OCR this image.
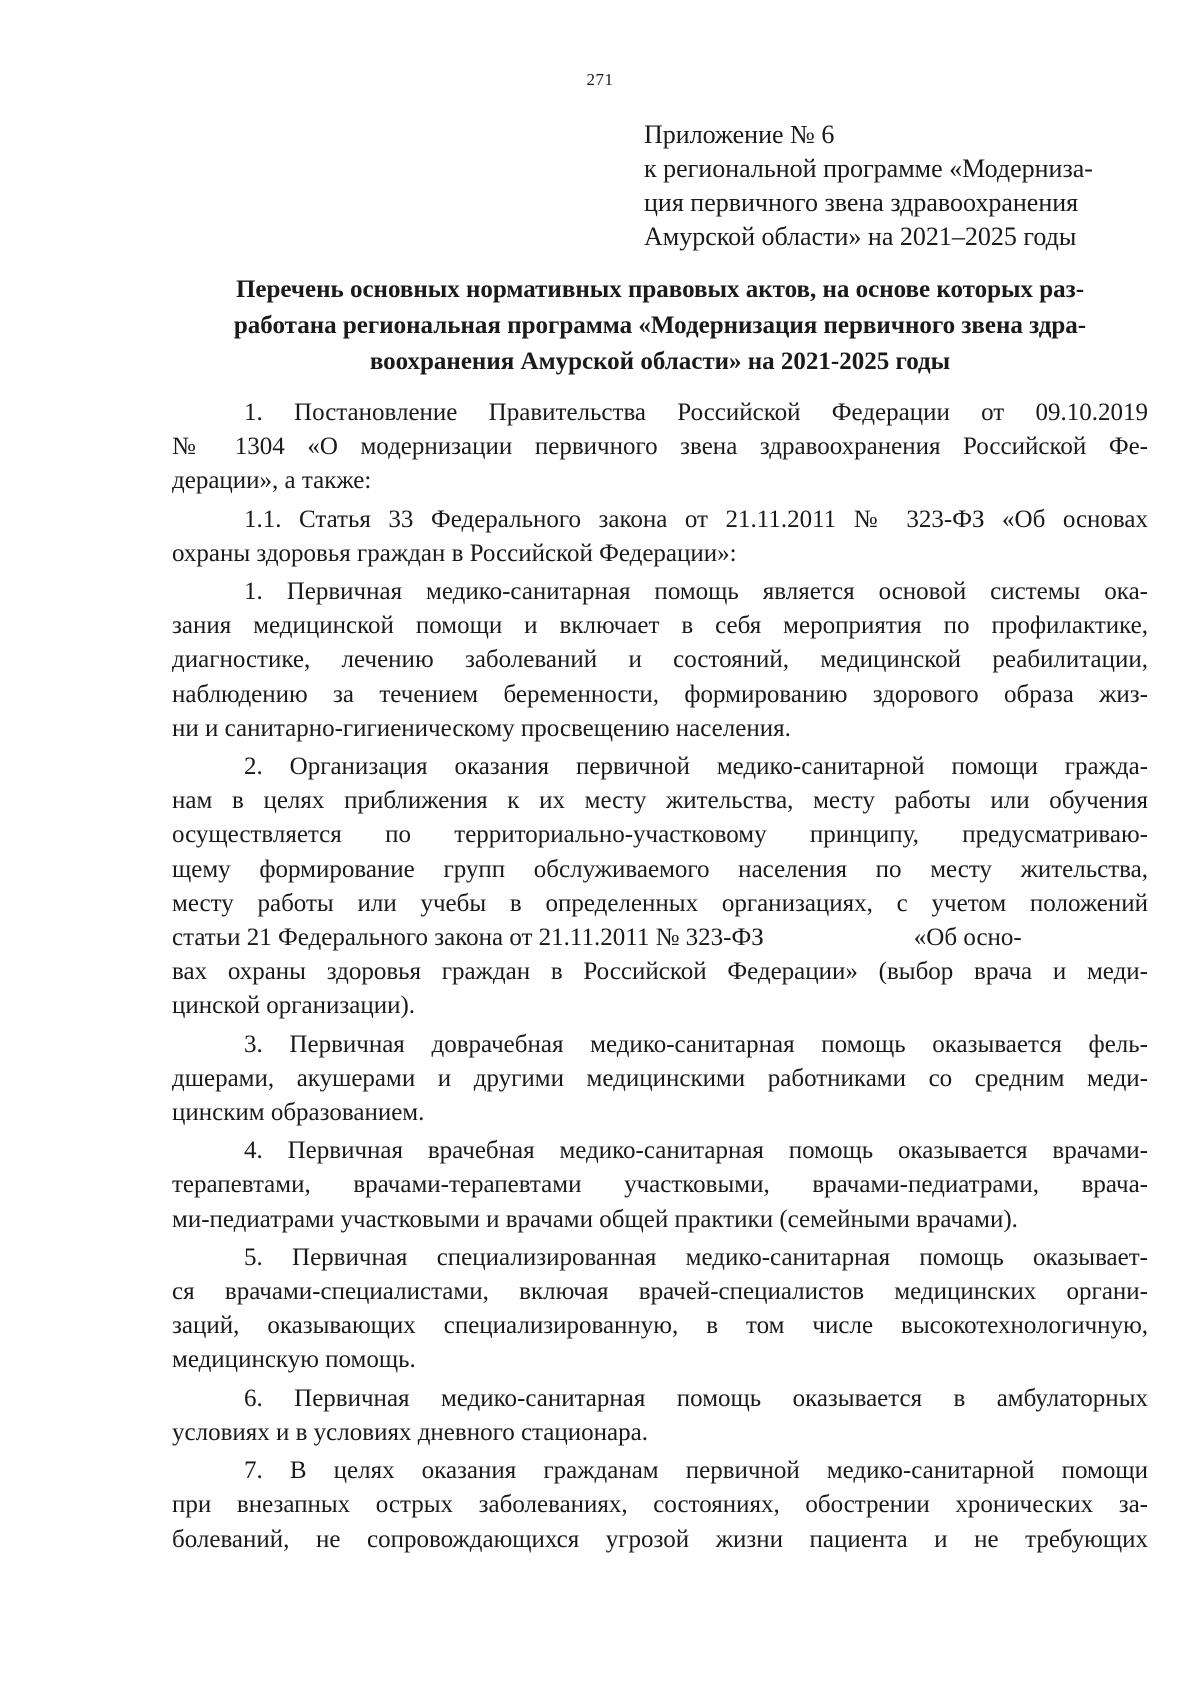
271
Приложение № 6
к региональной программе «Модерниза-
ция первичного звена здравоохранения
Амурской области» на 2021–2025 годы
Перечень основных нормативных правовых актов, на основе которых раз-
работана региональная программа «Модернизация первичного звена здра-
воохранения Амурской области» на 2021-2025 годы
1. Постановление Правительства Российской Федерации от 09.10.2019
№ 1304 «О модернизации первичного звена здравоохранения Российской Фе-
дерации», а также:
1.1. Статья 33 Федерального закона от 21.11.2011 № 323-ФЗ «Об основах
охраны здоровья граждан в Российской Федерации»:
1. Первичная медико-санитарная помощь является основой системы ока-
зания медицинской помощи и включает в себя мероприятия по профилактике,
диагностике, лечению заболеваний и состояний, медицинской реабилитации,
наблюдению за течением беременности, формированию здорового образа жиз-
ни и санитарно-гигиеническому просвещению населения.
2. Организация оказания первичной медико-санитарной помощи гражда-
нам в целях приближения к их месту жительства, месту работы или обучения
осуществляется по территориально-участковому принципу, предусматриваю-
щему формирование групп обслуживаемого населения по месту жительства,
месту работы или учебы в определенных организациях, с учетом положений
статьи 21 Федерального закона от 21.11.2011 № 323-ФЗ	«Об осно-
вах охраны здоровья граждан в Российской Федерации» (выбор врача и меди-
цинской организации).
3. Первичная доврачебная медико-санитарная помощь оказывается фель-
дшерами, акушерами и другими медицинскими работниками со средним меди-
цинским образованием.
4. Первичная врачебная медико-санитарная помощь оказывается врачами-
терапевтами, врачами-терапевтами участковыми, врачами-педиатрами, врача-
ми-педиатрами участковыми и врачами общей практики (семейными врачами).
5. Первичная специализированная медико-санитарная помощь оказывает-
ся врачами-специалистами, включая врачей-специалистов медицинских органи-
заций, оказывающих специализированную, в том числе высокотехнологичную,
медицинскую помощь.
6. Первичная медико-санитарная помощь оказывается в амбулаторных
условиях и в условиях дневного стационара.
7. В целях оказания гражданам первичной медико-санитарной помощи
при внезапных острых заболеваниях, состояниях, обострении хронических за-
болеваний, не сопровождающихся угрозой жизни пациента и не требующих
